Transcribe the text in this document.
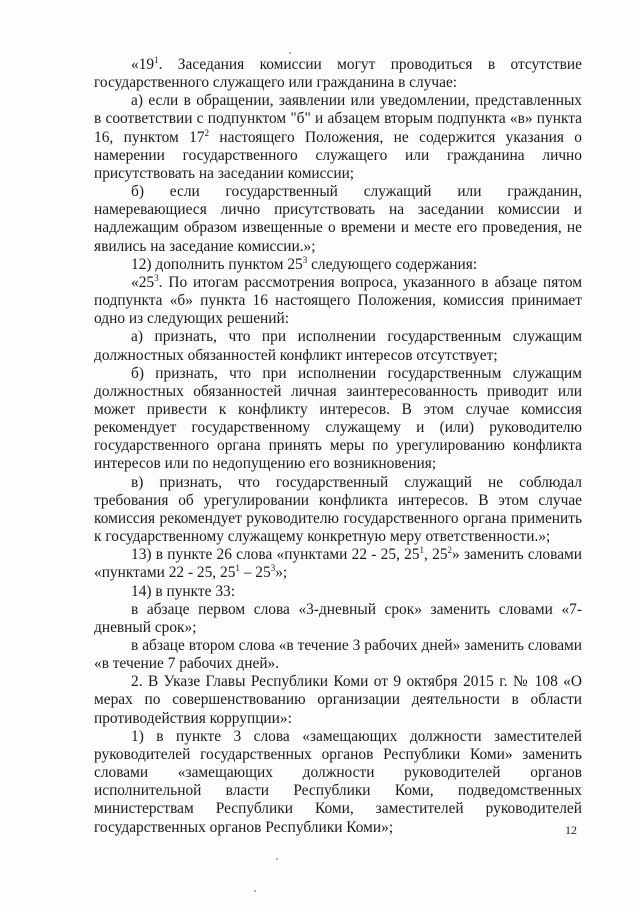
«$19^1$. Заседания комиссии могут проводиться в отсутствие государственного служащего или гражданина в случае:

а) если в обращении, заявлении или уведомлении, представленных в соответствии с подпунктом "б" и абзацем вторым подпункта «в» пункта 16, пунктом $17^2$ настоящего Положения, не содержится указания о намерении государственного служащего или гражданина лично присутствовать на заседании комиссии;

б) если государственный служащий или гражданин, намеревающиеся лично присутствовать на заседании комиссии и надлежащим образом извещенные о времени и месте его проведения, не явились на заседание комиссии.»;

12) дополнить пунктом $25^3$ следующего содержания:

«$25^3$. По итогам рассмотрения вопроса, указанного в абзаце пятом подпункта «б» пункта 16 настоящего Положения, комиссия принимает одно из следующих решений:

а) признать, что при исполнении государственным служащим должностных обязанностей конфликт интересов отсутствует;

б) признать, что при исполнении государственным служащим должностных обязанностей личная заинтересованность приводит или может привести к конфликту интересов. В этом случае комиссия рекомендует государственному служащему и (или) руководителю государственного органа принять меры по урегулированию конфликта интересов или по недопущению его возникновения;

в) признать, что государственный служащий не соблюдал требования об урегулировании конфликта интересов. В этом случае комиссия рекомендует руководителю государственного органа применить к государственному служащему конкретную меру ответственности.»;

13) в пункте 26 слова «пунктами 22 - 25, $25^1$, $25^2$» заменить словами «пунктами 22 - 25, $25^1 - 25^3$»;

14) в пункте 33:

в абзаце первом слова «3-дневный срок» заменить словами «7-дневный срок»;

в абзаце втором слова «в течение 3 рабочих дней» заменить словами «в течение 7 рабочих дней».

2. В Указе Главы Республики Коми от 9 октября 2015 г. № 108 «О мерах по совершенствованию организации деятельности в области противодействия коррупции»:

1) в пункте 3 слова «замещающих должности заместителей руководителей государственных органов Республики Коми» заменить словами «замещающих должности руководителей органов исполнительной власти Республики Коми, подведомственных министерствам Республики Коми, заместителей руководителей государственных органов Республики Коми»;	12
